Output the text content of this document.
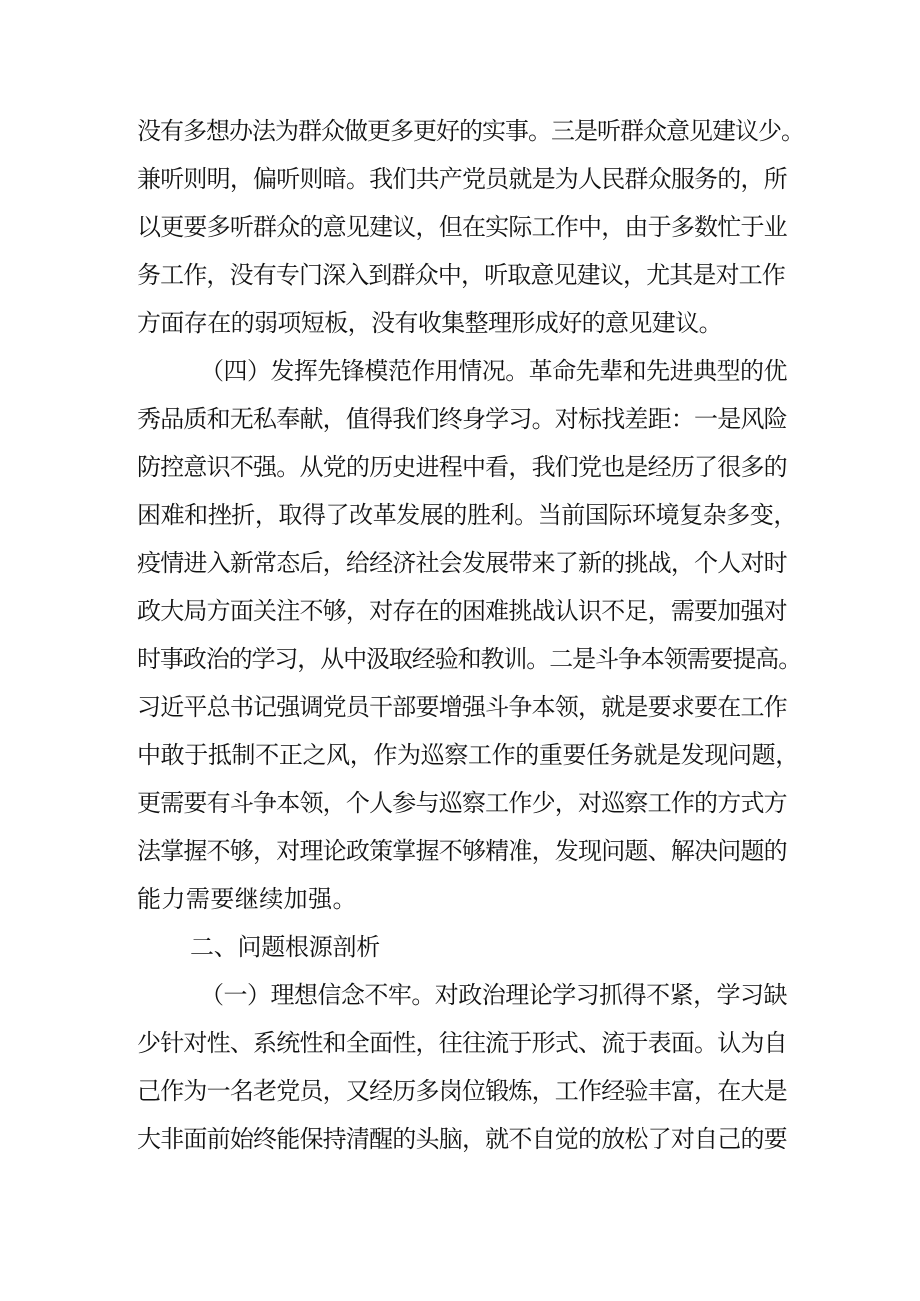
没有多想办法为群众做更多更好的实事。三是听群众意见建议少。
兼听则明，偏听则暗。我们共产党员就是为人民群众服务的，所
以更要多听群众的意见建议，但在实际工作中，由于多数忙于业
务工作，没有专门深入到群众中，听取意见建议，尤其是对工作
方面存在的弱项短板，没有收集整理形成好的意见建议。
（四）发挥先锋模范作用情况。革命先辈和先进典型的优
秀品质和无私奉献，值得我们终身学习。对标找差距：一是风险
防控意识不强。从党的历史进程中看，我们党也是经历了很多的
困难和挫折，取得了改革发展的胜利。当前国际环境复杂多变，
疫情进入新常态后，给经济社会发展带来了新的挑战，个人对时
政大局方面关注不够，对存在的困难挑战认识不足，需要加强对
时事政治的学习，从中汲取经验和教训。二是斗争本领需要提高。
习近平总书记强调党员干部要增强斗争本领，就是要求要在工作
中敢于抵制不正之风，作为巡察工作的重要任务就是发现问题，
更需要有斗争本领，个人参与巡察工作少，对巡察工作的方式方
法掌握不够，对理论政策掌握不够精准，发现问题、解决问题的
能力需要继续加强。
二、问题根源剖析
（一）理想信念不牢。对政治理论学习抓得不紧，学习缺
少针对性、系统性和全面性，往往流于形式、流于表面。认为自
己作为一名老党员，又经历多岗位锻炼，工作经验丰富，在大是
大非面前始终能保持清醒的头脑，就不自觉的放松了对自己的要
